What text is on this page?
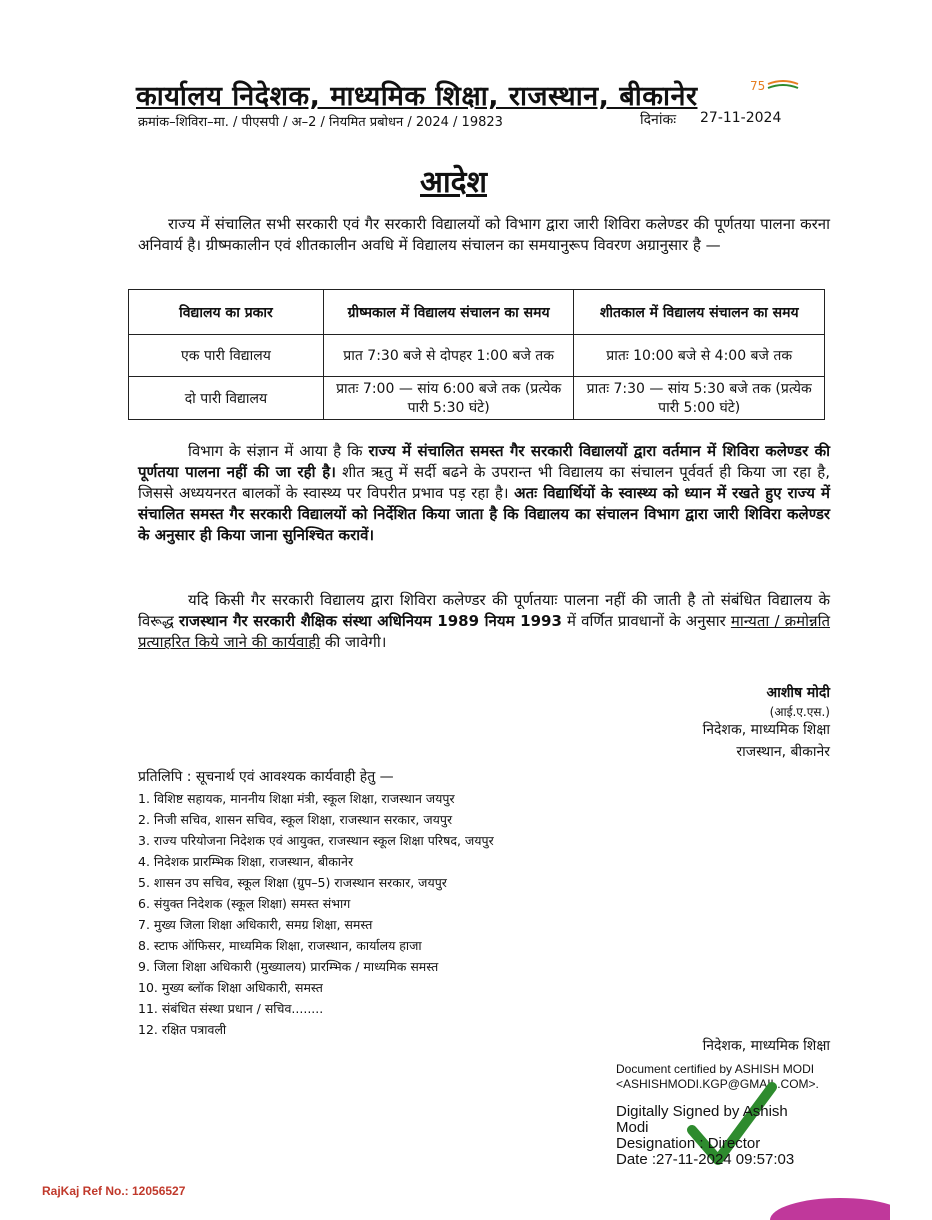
कार्यालय निदेशक, माध्यमिक शिक्षा, राजस्थान, बीकानेर	75
क्रमांक–शिविरा–मा. / पीएसपी / अ–2 / नियमित प्रबोधन / 2024 / 19823	दिनांकः 27-11-2024
आदेश
राज्य में संचालित सभी सरकारी एवं गैर सरकारी विद्यालयों को विभाग द्वारा जारी शिविरा कलेण्डर की पूर्णतया पालना करना अनिवार्य है। ग्रीष्मकालीन एवं शीतकालीन अवधि में विद्यालय संचालन का समयानुरूप विवरण अग्रानुसार है —
विद्यालय का प्रकार	ग्रीष्मकाल में विद्यालय संचालन का समय	शीतकाल में विद्यालय संचालन का समय
एक पारी विद्यालय	प्रात 7:30 बजे से दोपहर 1:00 बजे तक	प्रातः 10:00 बजे से 4:00 बजे तक
दो पारी विद्यालय	प्रातः 7:00 — सांय 6:00 बजे तक (प्रत्येक पारी 5:30 घंटे)	प्रातः 7:30 — सांय 5:30 बजे तक (प्रत्येक पारी 5:00 घंटे)
विभाग के संज्ञान में आया है कि राज्य में संचालित समस्त गैर सरकारी विद्यालयों द्वारा वर्तमान में शिविरा कलेण्डर की पूर्णतया पालना नहीं की जा रही है। शीत ऋतु में सर्दी बढने के उपरान्त भी विद्यालय का संचालन पूर्ववर्त ही किया जा रहा है, जिससे अध्ययनरत बालकों के स्वास्थ्य पर विपरीत प्रभाव पड़ रहा है। अतः विद्यार्थियों के स्वास्थ्य को ध्यान में रखते हुए राज्य में संचालित समस्त गैर सरकारी विद्यालयों को निर्देशित किया जाता है कि विद्यालय का संचालन विभाग द्वारा जारी शिविरा कलेण्डर के अनुसार ही किया जाना सुनिश्चित करावें।
यदि किसी गैर सरकारी विद्यालय द्वारा शिविरा कलेण्डर की पूर्णतयाः पालना नहीं की जाती है तो संबंधित विद्यालय के विरूद्ध राजस्थान गैर सरकारी शैक्षिक संस्था अधिनियम 1989 नियम 1993 में वर्णित प्रावधानों के अनुसार मान्यता / क्रमोन्नति प्रत्याहरित किये जाने की कार्यवाही की जावेगी।
आशीष मोदी
(आई.ए.एस.)
निदेशक, माध्यमिक शिक्षा
राजस्थान, बीकानेर
प्रतिलिपि : सूचनार्थ एवं आवश्यक कार्यवाही हेतु —
1. विशिष्ट सहायक, माननीय शिक्षा मंत्री, स्कूल शिक्षा, राजस्थान जयपुर
2. निजी सचिव, शासन सचिव, स्कूल शिक्षा, राजस्थान सरकार, जयपुर
3. राज्य परियोजना निदेशक एवं आयुक्त, राजस्थान स्कूल शिक्षा परिषद, जयपुर
4. निदेशक प्रारम्भिक शिक्षा, राजस्थान, बीकानेर
5. शासन उप सचिव, स्कूल शिक्षा (ग्रुप–5) राजस्थान सरकार, जयपुर
6. संयुक्त निदेशक (स्कूल शिक्षा) समस्त संभाग
7. मुख्य जिला शिक्षा अधिकारी, समग्र शिक्षा, समस्त
8. स्टाफ ऑफिसर, माध्यमिक शिक्षा, राजस्थान, कार्यालय हाजा
9. जिला शिक्षा अधिकारी (मुख्यालय) प्रारम्भिक / माध्यमिक समस्त
10. मुख्य ब्लॉक शिक्षा अधिकारी, समस्त
11. संबंधित संस्था प्रधान / सचिव........
12. रक्षित पत्रावली
निदेशक, माध्यमिक शिक्षा
Document certified by ASHISH MODI
<ASHISHMODI.KGP@GMAIL.COM>.
Digitally Signed by Ashish
Modi
Designation : Director
Date :27-11-2024 09:57:03
RajKaj Ref No.: 12056527
